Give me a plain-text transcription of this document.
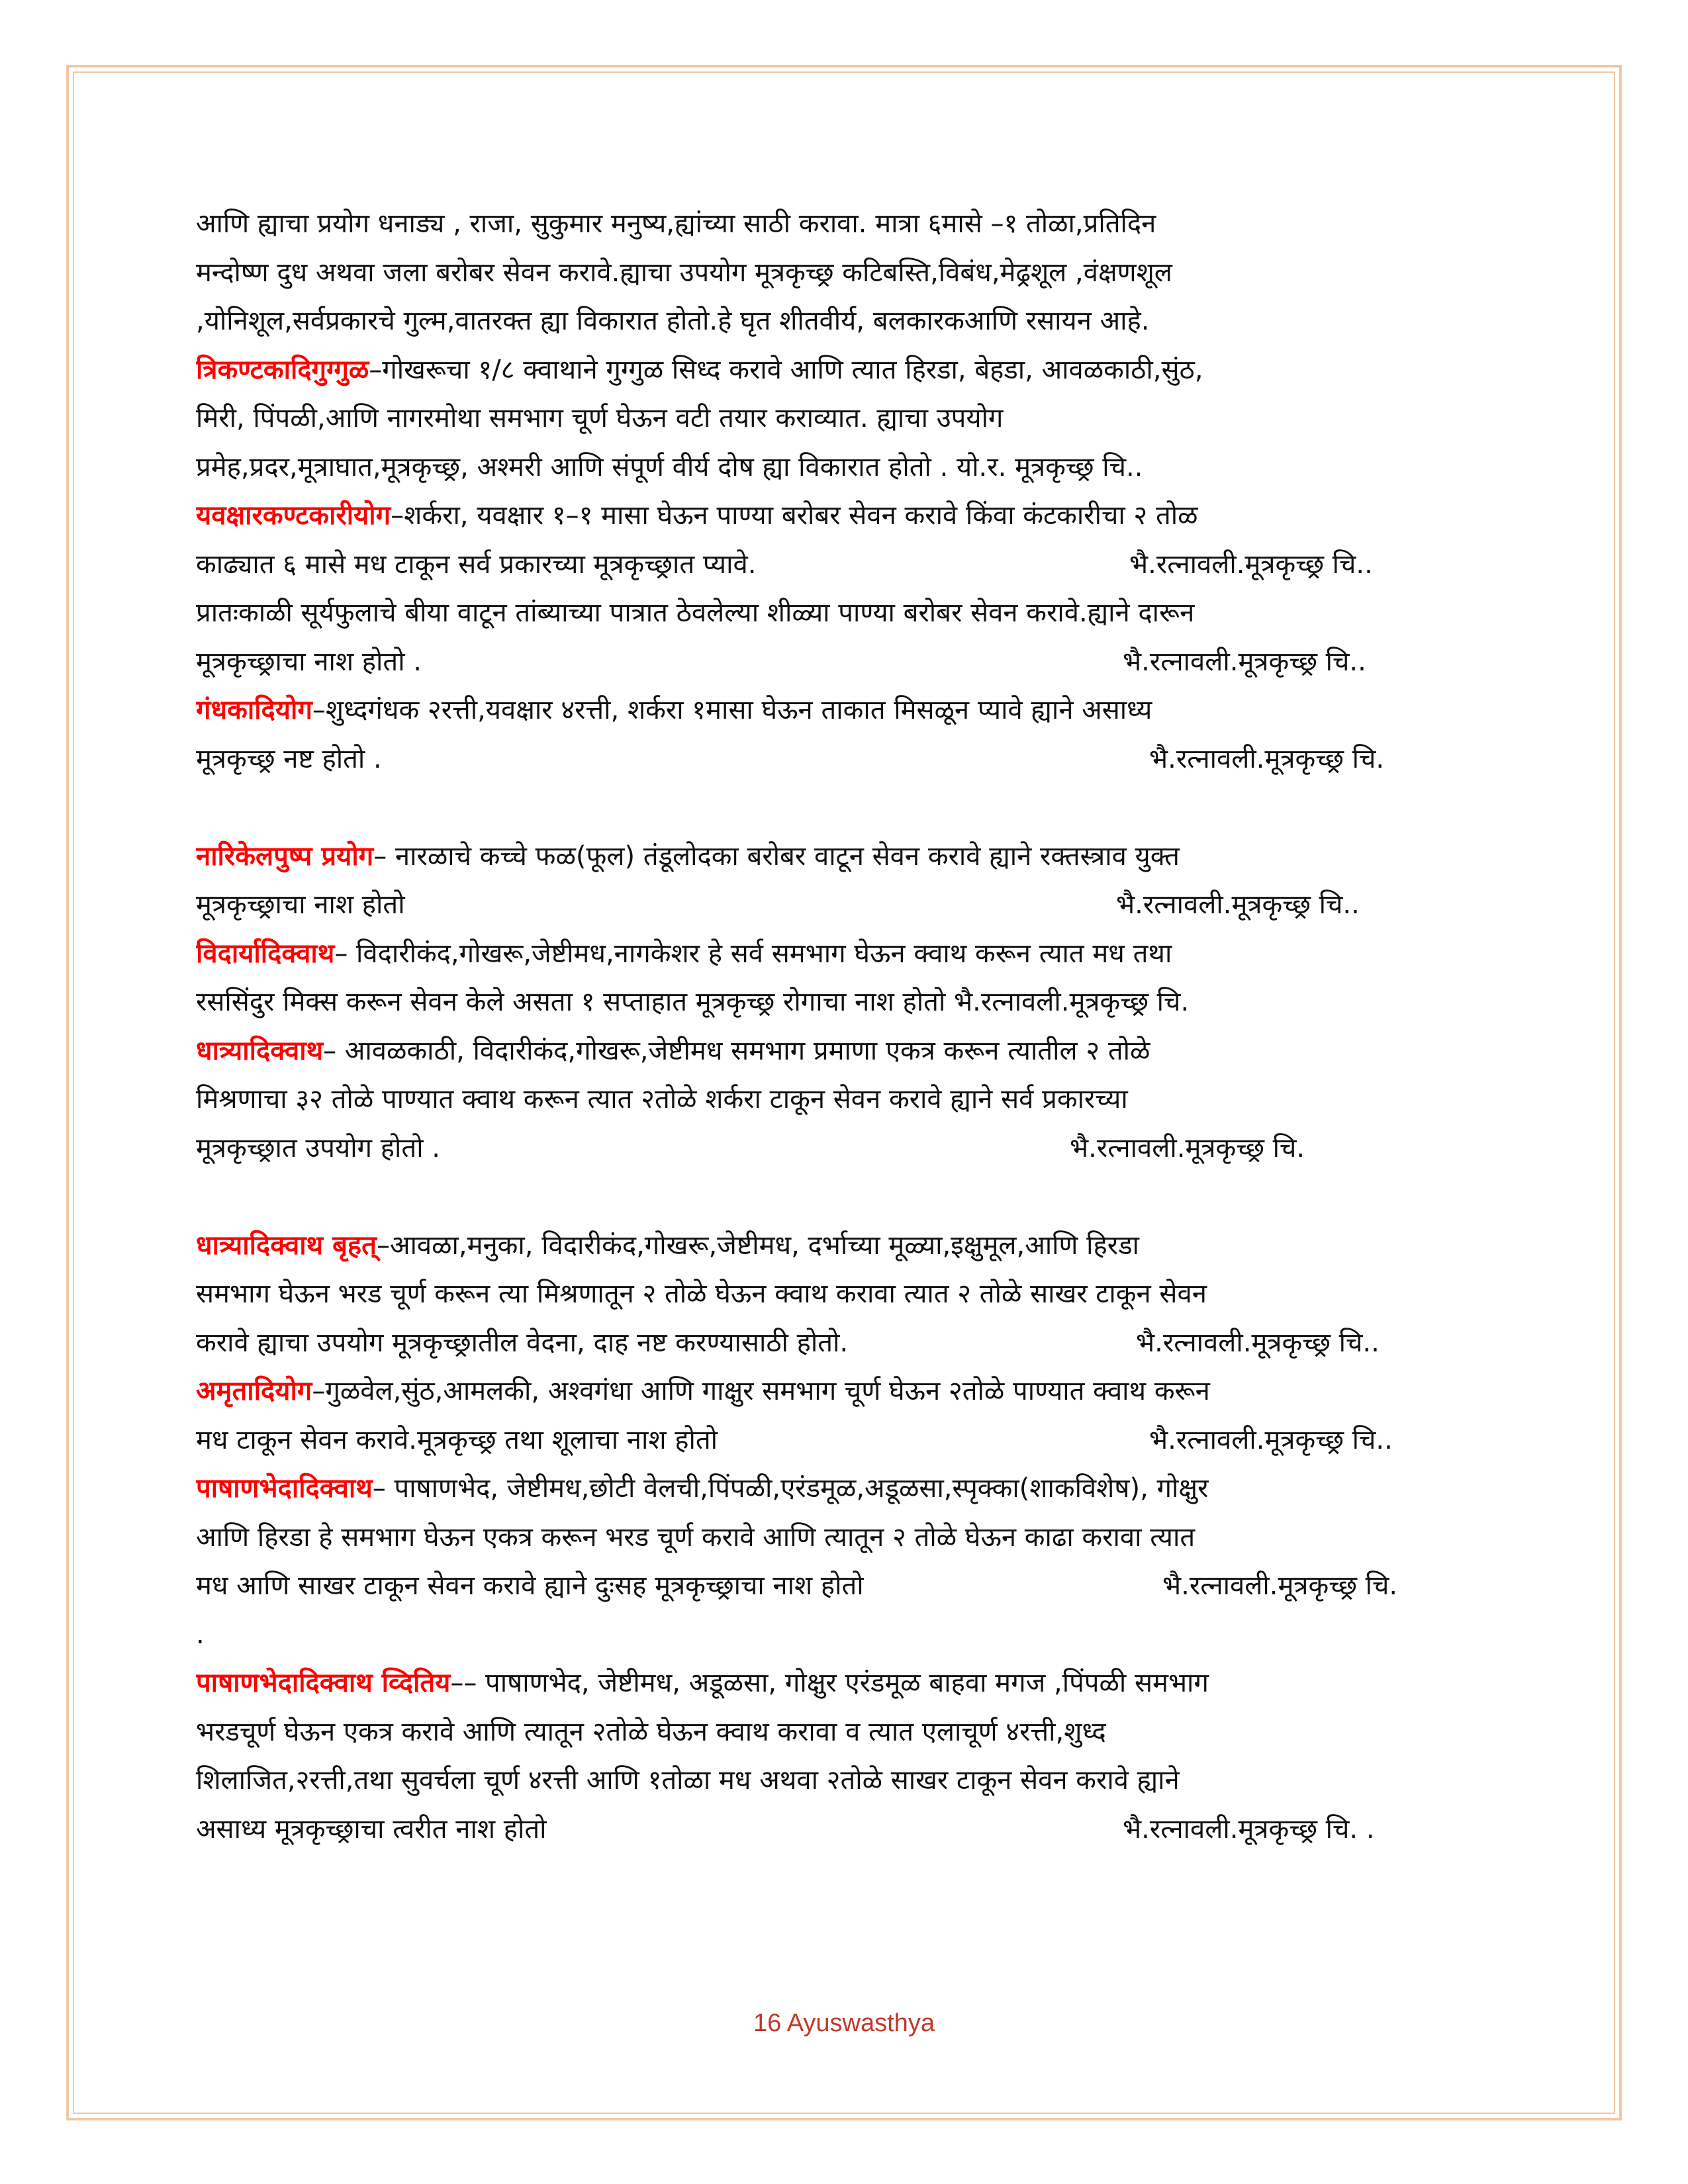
आणि ह्याचा प्रयोग धनाड्य , राजा, सुकुमार मनुष्य,ह्यांच्या साठी करावा. मात्रा ६मासे –१ तोळा,प्रतिदिन
मन्दोष्ण दुध अथवा जला बरोबर सेवन करावे.ह्याचा उपयोग मूत्रकृच्छ्र कटिबस्ति,विबंध,मेढ्रशूल ,वंक्षणशूल
,योनिशूल,सर्वप्रकारचे गुल्म,वातरक्त ह्या विकारात होतो.हे घृत शीतवीर्य, बलकारकआणि रसायन आहे.
त्रिकण्टकादिगुग्गुळ–गोखरूचा १/८ क्वाथाने गुग्गुळ सिध्द करावे आणि त्यात हिरडा, बेहडा, आवळकाठी,सुंठ,
मिरी, पिंपळी,आणि नागरमोथा समभाग चूर्ण घेऊन वटी तयार कराव्यात. ह्याचा उपयोग
प्रमेह,प्रदर,मूत्राघात,मूत्रकृच्छ्र, अश्मरी आणि संपूर्ण वीर्य दोष ह्या विकारात होतो . यो.र. मूत्रकृच्छ्र चि..
यवक्षारकण्टकारीयोग–शर्करा, यवक्षार १–१ मासा घेऊन पाण्या बरोबर सेवन करावे किंवा कंटकारीचा २ तोळ
काढ्यात ६ मासे मध टाकून सर्व प्रकारच्या मूत्रकृच्छ्रात प्यावे.	भै.रत्नावली.मूत्रकृच्छ्र चि..
प्रातःकाळी सूर्यफुलाचे बीया वाटून तांब्याच्या पात्रात ठेवलेल्या शीळ्या पाण्या बरोबर सेवन करावे.ह्याने दारून
मूत्रकृच्छ्राचा नाश होतो .	भै.रत्नावली.मूत्रकृच्छ्र चि..
गंधकादियोग–शुध्दगंधक २रत्ती,यवक्षार ४रत्ती, शर्करा १मासा घेऊन ताकात मिसळून प्यावे ह्याने असाध्य
मूत्रकृच्छ्र नष्ट होतो .	भै.रत्नावली.मूत्रकृच्छ्र चि.
नारिकेलपुष्प प्रयोग– नारळाचे कच्चे फळ(फूल) तंडूलोदका बरोबर वाटून सेवन करावे ह्याने रक्तस्त्राव युक्त
मूत्रकृच्छ्राचा नाश होतो	भै.रत्नावली.मूत्रकृच्छ्र चि..
विदार्यादिक्वाथ– विदारीकंद,गोखरू,जेष्टीमध,नागकेशर हे सर्व समभाग घेऊन क्वाथ करून त्यात मध तथा
रससिंदुर मिक्स करून सेवन केले असता १ सप्ताहात मूत्रकृच्छ्र रोगाचा नाश होतो भै.रत्नावली.मूत्रकृच्छ्र चि.
धात्र्यादिक्वाथ– आवळकाठी, विदारीकंद,गोखरू,जेष्टीमध समभाग प्रमाणा एकत्र करून त्यातील २ तोळे
मिश्रणाचा ३२ तोळे पाण्यात क्वाथ करून त्यात २तोळे शर्करा टाकून सेवन करावे ह्याने सर्व प्रकारच्या
मूत्रकृच्छ्रात उपयोग होतो .	भै.रत्नावली.मूत्रकृच्छ्र चि.
धात्र्यादिक्वाथ बृहत्–आवळा,मनुका, विदारीकंद,गोखरू,जेष्टीमध, दर्भाच्या मूळ्या,इक्षुमूल,आणि हिरडा
समभाग घेऊन भरड चूर्ण करून त्या मिश्रणातून २ तोळे घेऊन क्वाथ करावा त्यात २ तोळे साखर टाकून सेवन
करावे ह्याचा उपयोग मूत्रकृच्छ्रातील वेदना, दाह नष्ट करण्यासाठी होतो.	भै.रत्नावली.मूत्रकृच्छ्र चि..
अमृतादियोग–गुळवेल,सुंठ,आमलकी, अश्वगंधा आणि गाक्षुर समभाग चूर्ण घेऊन २तोळे पाण्यात क्वाथ करून
मध टाकून सेवन करावे.मूत्रकृच्छ्र तथा शूलाचा नाश होतो	भै.रत्नावली.मूत्रकृच्छ्र चि..
पाषाणभेदादिक्वाथ– पाषाणभेद, जेष्टीमध,छोटी वेलची,पिंपळी,एरंडमूळ,अडूळसा,स्पृक्का(शाकविशेष), गोक्षुर
आणि हिरडा हे समभाग घेऊन एकत्र करून भरड चूर्ण करावे आणि त्यातून २ तोळे घेऊन काढा करावा त्यात
मध आणि साखर टाकून सेवन करावे ह्याने दुःसह मूत्रकृच्छ्राचा नाश होतो	भै.रत्नावली.मूत्रकृच्छ्र चि.
.
पाषाणभेदादिक्वाथ व्दितिय–– पाषाणभेद, जेष्टीमध, अडूळसा, गोक्षुर एरंडमूळ बाहवा मगज ,पिंपळी समभाग
भरडचूर्ण घेऊन एकत्र करावे आणि त्यातून २तोळे घेऊन क्वाथ करावा व त्यात एलाचूर्ण ४रत्ती,शुध्द
शिलाजित,२रत्ती,तथा सुवर्चला चूर्ण ४रत्ती आणि १तोळा मध अथवा २तोळे साखर टाकून सेवन करावे ह्याने
असाध्य मूत्रकृच्छ्राचा त्वरीत नाश होतो	भै.रत्नावली.मूत्रकृच्छ्र चि. .
16 Ayuswasthya
